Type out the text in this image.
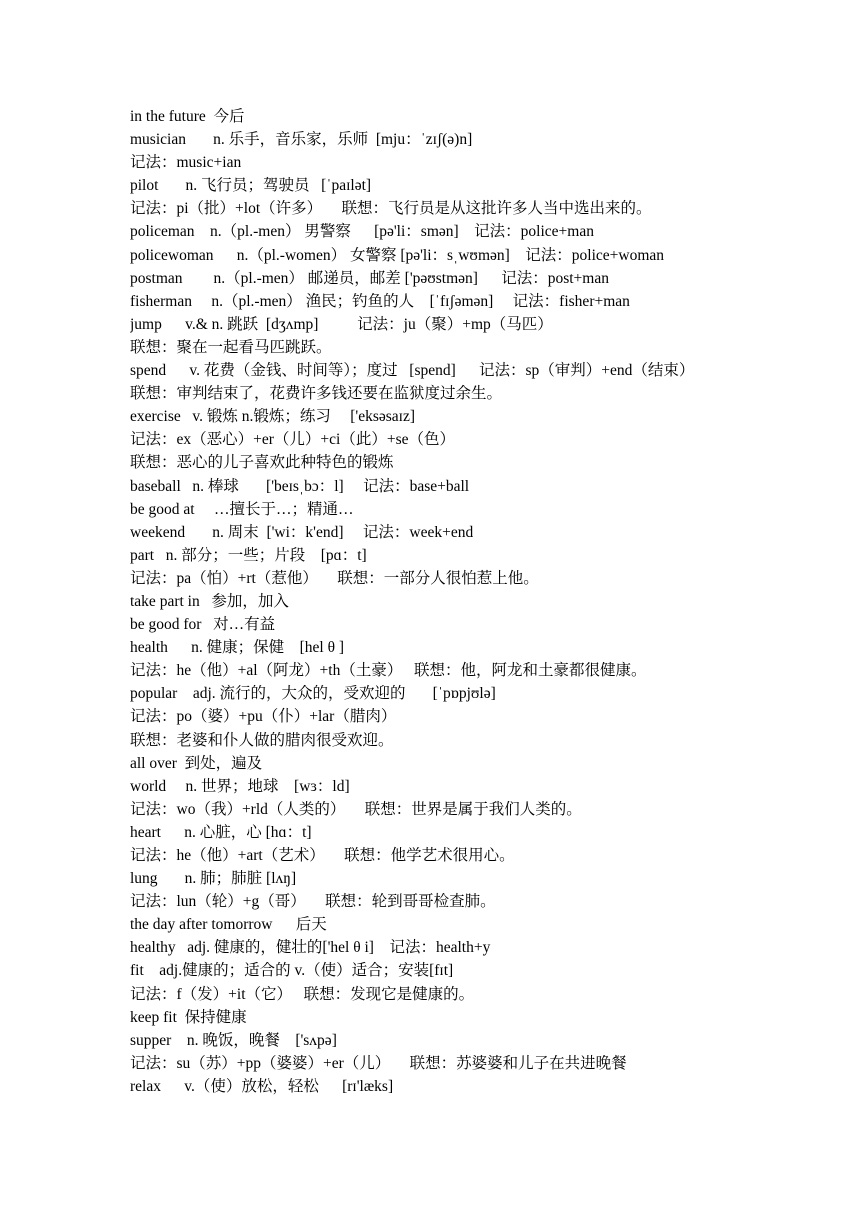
in the future  今后
musician       n. 乐手，音乐家，乐师  [mju：ˈzɪʃ(ə)n]
记法：music+ian
pilot       n. 飞行员；驾驶员   [ˈpaɪlət]
记法：pi（批）+lot（许多）     联想：飞行员是从这批许多人当中选出来的。
policeman    n.（pl.-men） 男警察      [pə'li：smən]    记法：police+man
policewoman      n.（pl.-women） 女警察 [pə'li：sˌwʊmən]    记法：police+woman
postman        n.（pl.-men） 邮递员，邮差 ['pəʊstmən]      记法：post+man
fisherman     n.（pl.-men） 渔民；钓鱼的人    [ˈfɪʃəmən]     记法：fisher+man
jump      v.& n. 跳跃  [dʒʌmp]          记法：ju（聚）+mp（马匹）
联想：聚在一起看马匹跳跃。
spend      v. 花费（金钱、时间等）；度过   [spend]      记法：sp（审判）+end（结束）
联想：审判结束了，花费许多钱还要在监狱度过余生。
exercise   v. 锻炼 n.锻炼；练习     ['eksəsaɪz]
记法：ex（恶心）+er（儿）+ci（此）+se（色）
联想：恶心的儿子喜欢此种特色的锻炼
baseball   n. 棒球       ['beɪsˌbɔ：l]     记法：base+ball
be good at     …擅长于…；精通…
weekend       n. 周末  ['wi：k'end]     记法：week+end
part   n. 部分；一些；片段    [pɑ：t]
记法：pa（怕）+rt（惹他）     联想：一部分人很怕惹上他。
take part in   参加，加入
be good for   对…有益
health      n. 健康；保健    [hel θ ]
记法：he（他）+al（阿龙）+th（土豪）   联想：他，阿龙和土豪都很健康。
popular    adj. 流行的，大众的，受欢迎的       [ˈpɒpjʊlə]
记法：po（婆）+pu（仆）+lar（腊肉）
联想：老婆和仆人做的腊肉很受欢迎。
all over  到处，遍及
world     n. 世界；地球    [wɜ：ld]
记法：wo（我）+rld（人类的）     联想：世界是属于我们人类的。
heart      n. 心脏，心 [hɑ：t]
记法：he（他）+art（艺术）     联想：他学艺术很用心。
lung       n. 肺；肺脏 [lʌŋ]
记法：lun（轮）+g（哥）     联想：轮到哥哥检查肺。
the day after tomorrow      后天
healthy   adj. 健康的，健壮的['hel θ i]    记法：health+y
fit    adj.健康的；适合的 v.（使）适合；安装[fɪt]
记法：f（发）+it（它）   联想：发现它是健康的。
keep fit  保持健康
supper    n. 晚饭，晚餐    ['sʌpə]
记法：su（苏）+pp（婆婆）+er（儿）     联想：苏婆婆和儿子在共进晚餐
relax      v.（使）放松，轻松      [rɪ'læks]
